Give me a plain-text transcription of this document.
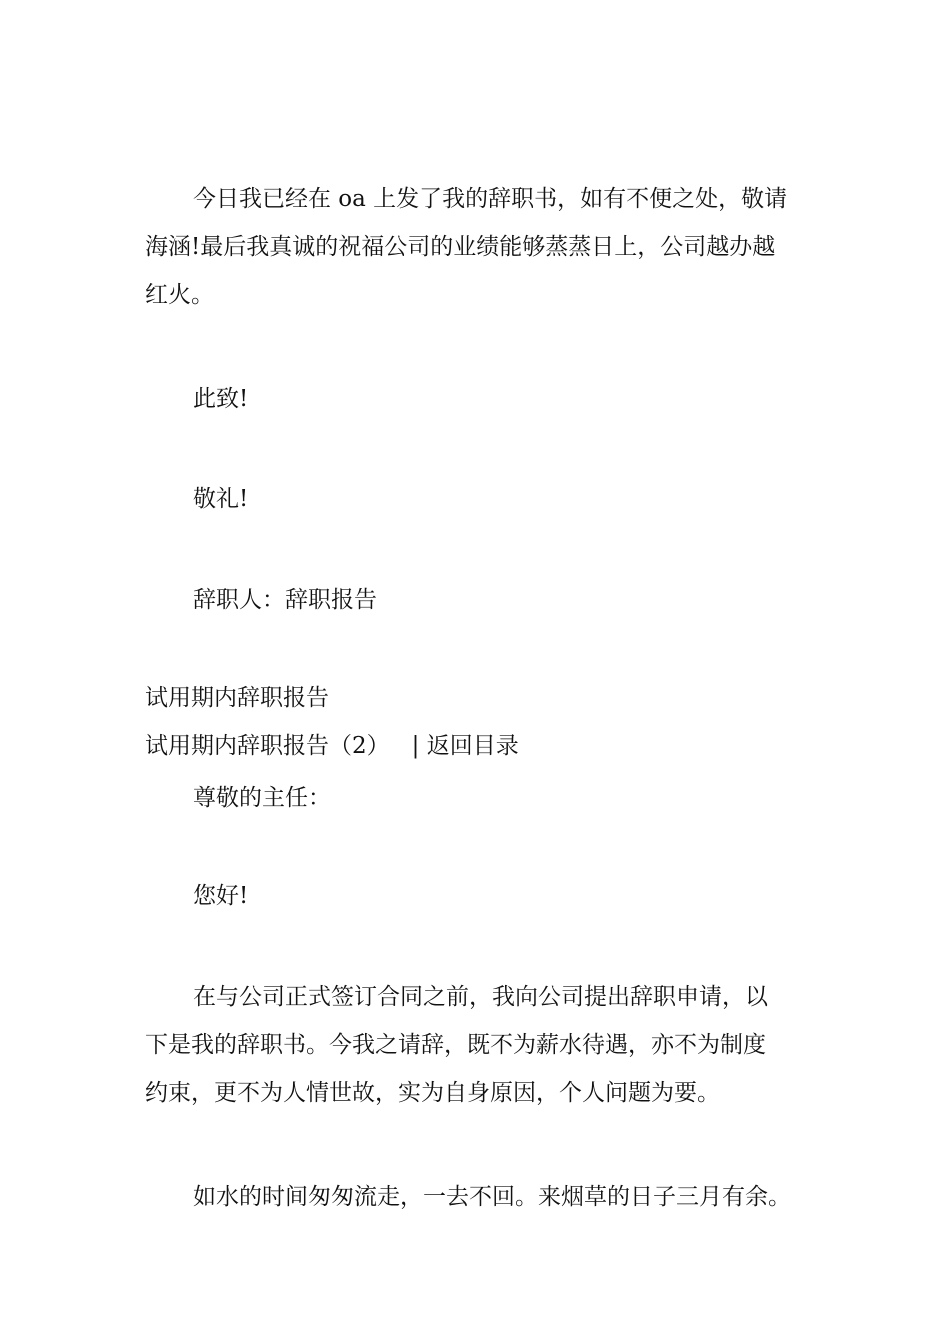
今日我已经在 oa 上发了我的辞职书，如有不便之处，敬请
海涵!最后我真诚的祝福公司的业绩能够蒸蒸日上，公司越办越
红火。
此致!
敬礼!
辞职人：辞职报告
试用期内辞职报告
试用期内辞职报告（2） | 返回目录
尊敬的主任：
您好!
在与公司正式签订合同之前，我向公司提出辞职申请，以
下是我的辞职书。今我之请辞，既不为薪水待遇，亦不为制度
约束，更不为人情世故，实为自身原因，个人问题为要。
如水的时间匆匆流走，一去不回。来烟草的日子三月有余。
